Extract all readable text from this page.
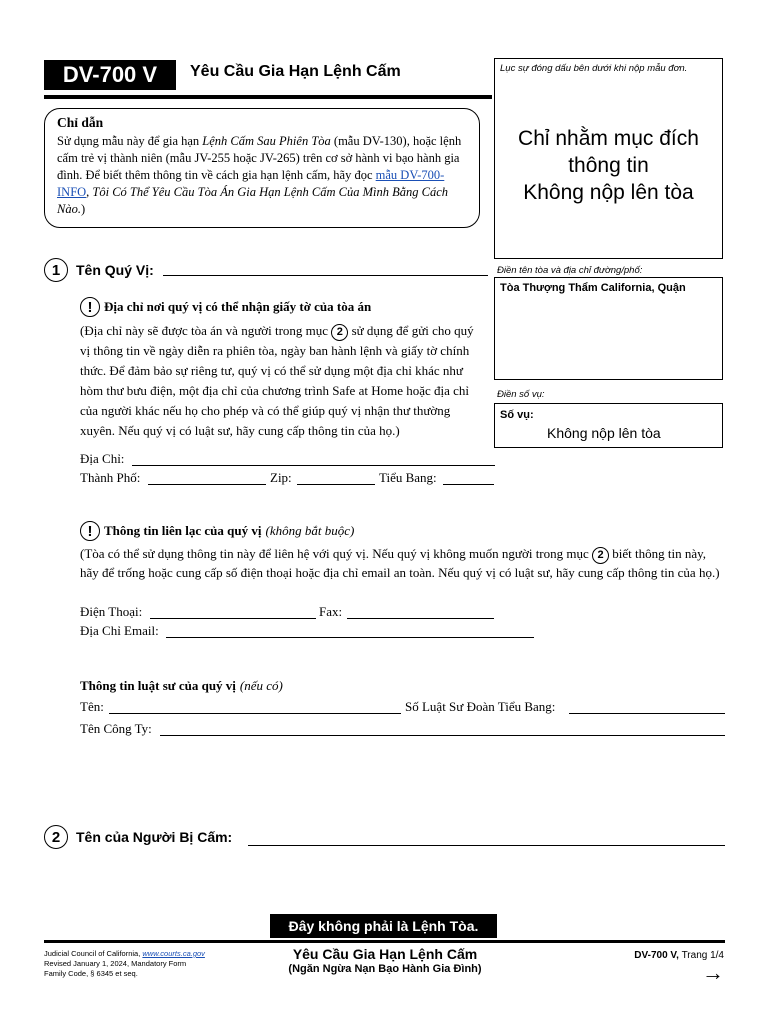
DV-700 V Yêu Cầu Gia Hạn Lệnh Cấm	Lục sự đóng dấu bên dưới khi nộp mẫu đơn.
Chỉ nhằm mục đích
thông tin
Không nộp lên tòa
Chỉ dẫn
Sử dụng mẫu này để gia hạn Lệnh Cấm Sau Phiên Tòa (mẫu DV-130), hoặc lệnh cấm trẻ vị thành niên (mẫu JV-255 hoặc JV-265) trên cơ sở hành vi bạo hành gia đình. Để biết thêm thông tin về cách gia hạn lệnh cấm, hãy đọc mẫu DV-700-INFO, Tôi Có Thể Yêu Cầu Tòa Án Gia Hạn Lệnh Cấm Của Mình Bằng Cách Nào.)
Điền tên tòa và địa chỉ đường/phố:
Tòa Thượng Thẩm California, Quận
Điền số vụ:
Số vụ:
Không nộp lên tòa
1	Tên Quý Vị:
! Địa chỉ nơi quý vị có thể nhận giấy tờ của tòa án
(Địa chỉ này sẽ được tòa án và người trong mục 2 sử dụng để gửi cho quý vị thông tin về ngày diễn ra phiên tòa, ngày ban hành lệnh và giấy tờ chính thức. Để đảm bảo sự riêng tư, quý vị có thể sử dụng một địa chỉ khác như hòm thư bưu điện, một địa chỉ của chương trình Safe at Home hoặc địa chỉ của người khác nếu họ cho phép và có thể giúp quý vị nhận thư thường xuyên. Nếu quý vị có luật sư, hãy cung cấp thông tin của họ.)
Địa Chỉ:
Thành Phố:	Zip:	Tiểu Bang:
! Thông tin liên lạc của quý vị (không bắt buộc)
(Tòa có thể sử dụng thông tin này để liên hệ với quý vị. Nếu quý vị không muốn người trong mục 2 biết thông tin này, hãy để trống hoặc cung cấp số điện thoại hoặc địa chỉ email an toàn. Nếu quý vị có luật sư, hãy cung cấp thông tin của họ.)
Điện Thoại:	Fax:
Địa Chỉ Email:
Thông tin luật sư của quý vị (nếu có)
Tên:	Số Luật Sư Đoàn Tiểu Bang:
Tên Công Ty:
2	Tên của Người Bị Cấm:
Đây không phải là Lệnh Tòa.
Judicial Council of California, www.courts.ca.gov
Revised January 1, 2024, Mandatory Form
Family Code, § 6345 et seq.
Yêu Cầu Gia Hạn Lệnh Cấm
(Ngăn Ngừa Nạn Bạo Hành Gia Đình)
DV-700 V, Trang 1/4
→
